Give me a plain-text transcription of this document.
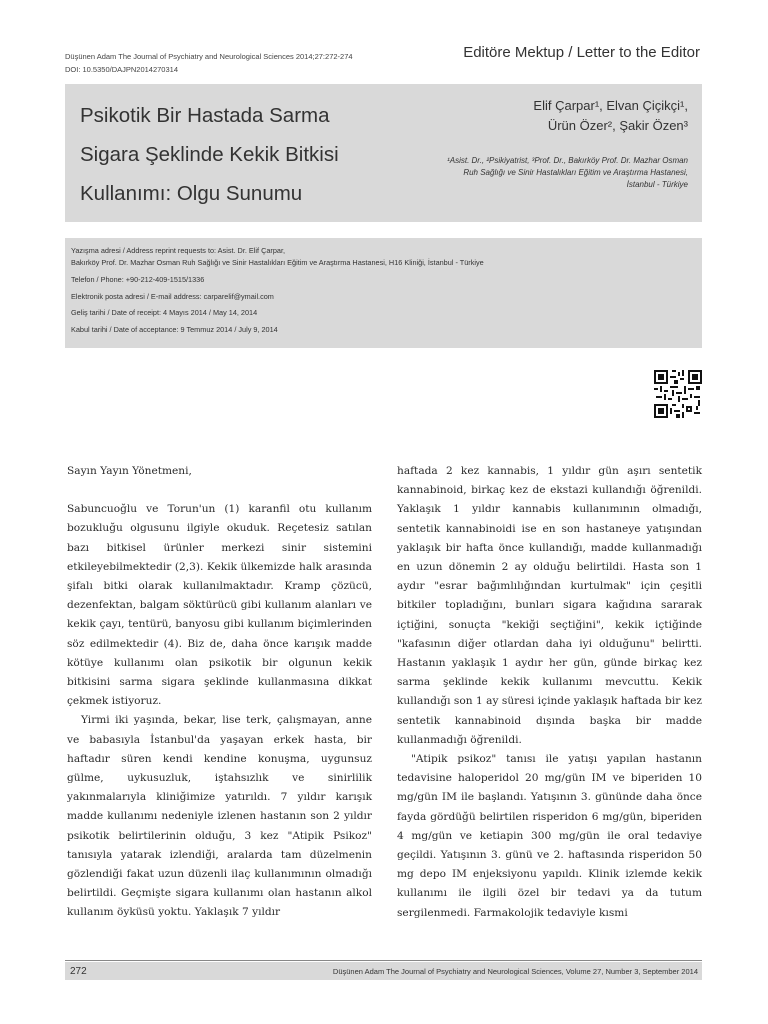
Düşünen Adam The Journal of Psychiatry and Neurological Sciences 2014;27:272-274
DOI: 10.5350/DAJPN2014270314
Editöre Mektup / Letter to the Editor
Psikotik Bir Hastada Sarma
Sigara Şeklinde Kekik Bitkisi
Kullanımı: Olgu Sunumu
Elif Çarpar¹, Elvan Çiçikçi¹,
Ürün Özer², Şakir Özen³
¹Asist. Dr., ²Psikiyatrist, ³Prof. Dr., Bakırköy Prof. Dr. Mazhar Osman Ruh Sağlığı ve Sinir Hastalıkları Eğitim ve Araştırma Hastanesi, İstanbul - Türkiye
Yazışma adresi / Address reprint requests to: Asist. Dr. Elif Çarpar,
Bakırköy Prof. Dr. Mazhar Osman Ruh Sağlığı ve Sinir Hastalıkları Eğitim ve Araştırma Hastanesi, H16 Kliniği, İstanbul - Türkiye
Telefon / Phone: +90-212-409-1515/1336
Elektronik posta adresi / E-mail address: carparelif@ymail.com
Geliş tarihi / Date of receipt: 4 Mayıs 2014 / May 14, 2014
Kabul tarihi / Date of acceptance: 9 Temmuz 2014 / July 9, 2014

Sayın Yayın Yönetmeni,

Sabuncuoğlu ve Torun'un (1) karanfil otu kullanım bozukluğu olgusunu ilgiyle okuduk. Reçetesiz satılan bazı bitkisel ürünler merkezi sinir sistemini etkileyebilmektedir (2,3). Kekik ülkemizde halk arasında şifalı bitki olarak kullanılmaktadır. Kramp çözücü, dezenfektan, balgam söktürücü gibi kullanım alanları ve kekik çayı, tentürü, banyosu gibi kullanım biçimlerinden söz edilmektedir (4). Biz de, daha önce karışık madde kötüye kullanımı olan psikotik bir olgunun kekik bitkisini sarma sigara şeklinde kullanmasına dikkat çekmek istiyoruz.

Yirmi iki yaşında, bekar, lise terk, çalışmayan, anne ve babasıyla İstanbul'da yaşayan erkek hasta, bir haftadır süren kendi kendine konuşma, uygunsuz gülme, uykusuzluk, iştahsızlık ve sinirlilik yakınmalarıyla kliniğimize yatırıldı. 7 yıldır karışık madde kullanımı nedeniyle izlenen hastanın son 2 yıldır psikotik belirtilerinin olduğu, 3 kez "Atipik Psikoz" tanısıyla yatarak izlendiği, aralarda tam düzelmenin gözlendiği fakat uzun düzenli ilaç kullanımının olmadığı belirtildi. Geçmişte sigara kullanımı olan hastanın alkol kullanım öyküsü yoktu. Yaklaşık 7 yıldır

haftada 2 kez kannabis, 1 yıldır gün aşırı sentetik kannabinoid, birkaç kez de ekstazi kullandığı öğrenildi. Yaklaşık 1 yıldır kannabis kullanımının olmadığı, sentetik kannabinoidi ise en son hastaneye yatışından yaklaşık bir hafta önce kullandığı, madde kullanmadığı en uzun dönemin 2 ay olduğu belirtildi. Hasta son 1 aydır "esrar bağımlılığından kurtulmak" için çeşitli bitkiler topladığını, bunları sigara kağıdına sararak içtiğini, sonuçta "kekiği seçtiğini", kekik içtiğinde "kafasının diğer otlardan daha iyi olduğunu" belirtti. Hastanın yaklaşık 1 aydır her gün, günde birkaç kez sarma şeklinde kekik kullanımı mevcuttu. Kekik kullandığı son 1 ay süresi içinde yaklaşık haftada bir kez sentetik kannabinoid dışında başka bir madde kullanmadığı öğrenildi.

"Atipik psikoz" tanısı ile yatışı yapılan hastanın tedavisine haloperidol 20 mg/gün IM ve biperiden 10 mg/gün IM ile başlandı. Yatışının 3. gününde daha önce fayda gördüğü belirtilen risperidon 6 mg/gün, biperiden 4 mg/gün ve ketiapin 300 mg/gün ile oral tedaviye geçildi. Yatışının 3. günü ve 2. haftasında risperidon 50 mg depo IM enjeksiyonu yapıldı. Klinik izlemde kekik kullanımı ile ilgili özel bir tedavi ya da tutum sergilenmedi. Farmakolojik tedaviyle kısmi

272	Düşünen Adam The Journal of Psychiatry and Neurological Sciences, Volume 27, Number 3, September 2014
